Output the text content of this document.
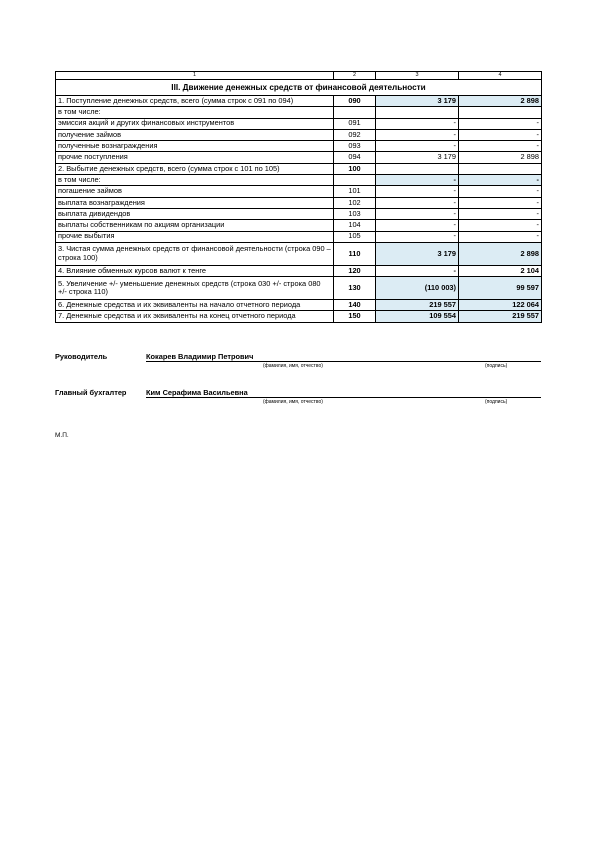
1	2	3	4
III. Движение денежных средств от финансовой деятельности			
1. Поступление денежных средств, всего (сумма строк с 091 по 094)	090	3 179	2 898
в том числе:			
эмиссия акций и других финансовых инструментов	091	-	-
получение займов	092	-	-
полученные вознаграждения	093	-	-
прочие поступления	094	3 179	2 898
2. Выбытие денежных средств, всего (сумма строк с 101 по 105)	100		
в том числе:		-	-
погашение займов	101	-	-
выплата вознаграждения	102	-	-
выплата дивидендов	103	-	-
выплаты собственникам по акциям организации	104	-	-
прочие выбытия	105	-	-
3. Чистая сумма денежных средств от финансовой деятельности (строка 090 – строка 100)	110	3 179	2 898
4. Влияние обменных курсов валют к тенге	120	-	2 104
5. Увеличение +/- уменьшение денежных средств (строка 030 +/- строка 080 +/- строка 110)	130	(110 003)	99 597
6. Денежные средства и их эквиваленты на начало отчетного периода	140	219 557	122 064
7. Денежные средства и их эквиваленты на конец отчетного периода	150	109 554	219 557
Руководитель	Кокарев Владимир Петрович
(фамилия, имя, отчество)	(подпись)
Главный бухгалтер	Ким Серафима Васильевна
(фамилия, имя, отчество)	(подпись)
М.П.
